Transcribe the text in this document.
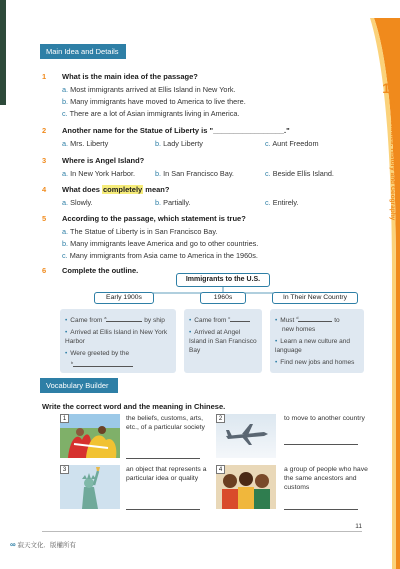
1
Social Studies: History and Geography
Main Idea and Details
1 What is the main idea of the passage?
a. Most immigrants arrived at Ellis Island in New York.
b. Many immigrants have moved to America to live there.
c. There are a lot of Asian immigrants living in America.
2 Another name for the Statue of Liberty is "_________________."
a. Mrs. Liberty	b. Lady Liberty	c. Aunt Freedom
3 Where is Angel Island?
a. In New York Harbor.	b. In San Francisco Bay.	c. Beside Ellis Island.
4 What does completely mean?
a. Slowly.	b. Partially.	c. Entirely.
5 According to the passage, which statement is true?
a. The Statue of Liberty is in San Francisco Bay.
b. Many immigrants leave America and go to other countries.
c. Many immigrants from Asia came to America in the 1960s.
6 Complete the outline.
Immigrants to the U.S.
Early 1900s	1960s	In Their New Country

• Came from $^a$	by ship

• Arrived at Ellis Island in New York Harbor

• Were greeted by the
$^b$

• Came from $^c$

• Arrived at Angel Island in San Francisco Bay

• Must $^d$	to
new homes

• Learn a new culture and language

• Find new jobs and homes

Vocabulary Builder
Write the correct word and the meaning in Chinese.
1	the beliefs, customs, arts, etc., of a particular society
2	to move to another country
3	an object that represents a particular idea or quality
4	a group of people who have the same ancestors and customs
11
∞ 寂天文化．版權所有
